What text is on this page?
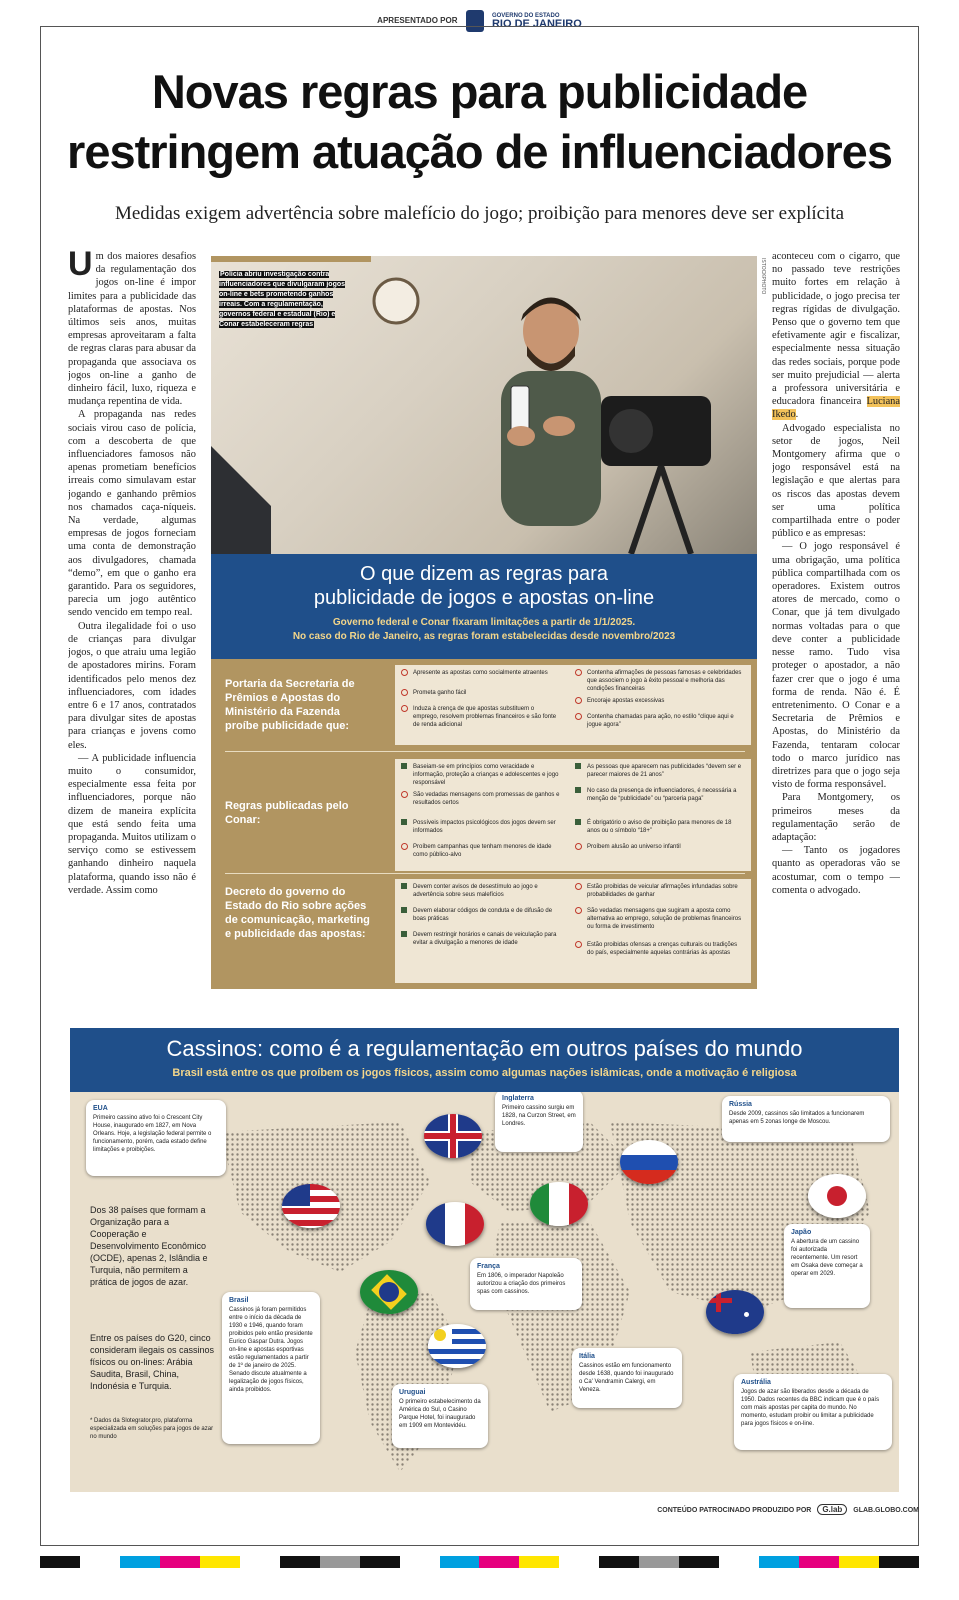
APRESENTADO POR
GOVERNO DO ESTADO
RIO DE JANEIRO
Novas regras para publicidade
restringem atuação de influenciadores
Medidas exigem advertência sobre malefício do jogo; proibição para menores deve ser explícita

Um dos maiores desafios da regulamentação dos jogos on-line é impor limites para a publicidade das plataformas de apostas. Nos últimos seis anos, muitas empresas aproveitaram a falta de regras claras para abusar da propaganda que associava os jogos on-line a ganho de dinheiro fácil, luxo, riqueza e mudança repentina de vida.

A propaganda nas redes sociais virou caso de polícia, com a descoberta de que influenciadores famosos não apenas prometiam benefícios irreais como simulavam estar jogando e ganhando prêmios nos chamados caça-níqueis. Na verdade, algumas empresas de jogos forneciam uma conta de demonstração aos divulgadores, chamada “demo”, em que o ganho era garantido. Para os seguidores, parecia um jogo autêntico sendo vencido em tempo real.

Outra ilegalidade foi o uso de crianças para divulgar jogos, o que atraiu uma legião de apostadores mirins. Foram identificados pelo menos dez influenciadores, com idades entre 6 e 17 anos, contratados para divulgar sites de apostas para crianças e jovens como eles.

— A publicidade influencia muito o consumidor, especialmente essa feita por influenciadores, porque não dizem de maneira explícita que está sendo feita uma propaganda. Muitos utilizam o serviço como se estivessem ganhando dinheiro naquela plataforma, quando isso não é verdade. Assim como

Polícia abriu investigação contra influenciadores que divulgaram jogos on-line e bets prometendo ganhos irreais. Com a regulamentação, governos federal e estadual (Rio) e Conar estabeleceram regras
ISTOCKPHOTO

aconteceu com o cigarro, que no passado teve restrições muito fortes em relação à publicidade, o jogo precisa ter regras rígidas de divulgação. Penso que o governo tem que efetivamente agir e fiscalizar, especialmente nessa situação das redes sociais, porque pode ser muito prejudicial — alerta a professora universitária e educadora financeira Luciana Ikedo.

Advogado especialista no setor de jogos, Neil Montgomery afirma que o jogo responsável está na legislação e que alertas para os riscos das apostas devem ser uma política compartilhada entre o poder público e as empresas:

— O jogo responsável é uma obrigação, uma política pública compartilhada com os operadores. Existem outros atores de mercado, como o Conar, que já tem divulgado normas voltadas para o que deve conter a publicidade nesse ramo. Tudo visa proteger o apostador, a não fazer crer que o jogo é uma forma de renda. Não é. É entretenimento. O Conar e a Secretaria de Prêmios e Apostas, do Ministério da Fazenda, tentaram colocar todo o marco jurídico nas diretrizes para que o jogo seja visto de forma responsável.

Para Montgomery, os primeiros meses da regulamentação serão de adaptação:

— Tanto os jogadores quanto as operadoras vão se acostumar, com o tempo — comenta o advogado.

O que dizem as regras para
publicidade de jogos e apostas on-line
Governo federal e Conar fixaram limitações a partir de 1/1/2025.
No caso do Rio de Janeiro, as regras foram estabelecidas desde novembro/2023
Portaria da Secretaria de Prêmios e Apostas do Ministério da Fazenda proíbe publicidade que:
Apresente as apostas como socialmente atraentes
Prometa ganho fácil
Induza à crença de que apostas substituem o emprego, resolvem problemas financeiros e são fonte de renda adicional
Contenha afirmações de pessoas famosas e celebridades que associem o jogo à êxito pessoal e melhoria das condições financeiras
Encoraje apostas excessivas
Contenha chamadas para ação, no estilo “clique aqui e jogue agora”
Regras publicadas pelo Conar:
Baseiam-se em princípios como veracidade e informação, proteção a crianças e adolescentes e jogo responsável
São vedadas mensagens com promessas de ganhos e resultados certos
Possíveis impactos psicológicos dos jogos devem ser informados
Proíbem campanhas que tenham menores de idade como público-alvo
As pessoas que aparecem nas publicidades “devem ser e parecer maiores de 21 anos”
No caso da presença de influenciadores, é necessária a menção de “publicidade” ou “parceria paga”
É obrigatório o aviso de proibição para menores de 18 anos ou o símbolo “18+”
Proíbem alusão ao universo infantil
Decreto do governo do Estado do Rio sobre ações de comunicação, marketing e publicidade das apostas:
Devem conter avisos de desestímulo ao jogo e advertência sobre seus malefícios
Devem elaborar códigos de conduta e de difusão de boas práticas
Devem restringir horários e canais de veiculação para evitar a divulgação a menores de idade
Estão proibidas de veicular afirmações infundadas sobre probabilidades de ganhar
São vedadas mensagens que sugiram a aposta como alternativa ao emprego, solução de problemas financeiros ou forma de investimento
Estão proibidas ofensas a crenças culturais ou tradições do país, especialmente aquelas contrárias às apostas
Cassinos: como é a regulamentação em outros países do mundo
Brasil está entre os que proíbem os jogos físicos, assim como algumas nações islâmicas, onde a motivação é religiosa
EUA
Primeiro cassino ativo foi o Crescent City House, inaugurado em 1827, em Nova Orleans. Hoje, a legislação federal permite o funcionamento, porém, cada estado define limitações e proibições.
Inglaterra
Primeiro cassino surgiu em 1828, na Curzon Street, em Londres.
Rússia
Desde 2009, cassinos são limitados a funcionarem apenas em 5 zonas longe de Moscou.
Japão
A abertura de um cassino foi autorizada recentemente. Um resort em Osaka deve começar a operar em 2029.
França
Em 1806, o imperador Napoleão autorizou a criação dos primeiros spas com cassinos.
Brasil
Cassinos já foram permitidos entre o início da década de 1930 e 1946, quando foram proibidos pelo então presidente Eurico Gaspar Dutra. Jogos on-line e apostas esportivas estão regulamentados a partir de 1º de janeiro de 2025. Senado discute atualmente a legalização de jogos físicos, ainda proibidos.	Uruguai
O primeiro estabelecimento da América do Sul, o Casino Parque Hotel, foi inaugurado em 1909 em Montevidéu.
Itália
Cassinos estão em funcionamento desde 1638, quando foi inaugurado o Ca' Vendramin Calergi, em Veneza.
Austrália
Jogos de azar são liberados desde a década de 1950. Dados recentes da BBC indicam que é o país com mais apostas per capita do mundo. No momento, estudam proibir ou limitar a publicidade para jogos físicos e on-line.
Dos 38 países que formam a Organização para a Cooperação e Desenvolvimento Econômico (OCDE), apenas 2, Islândia e Turquia, não permitem a prática de jogos de azar.
Entre os países do G20, cinco consideram ilegais os cassinos físicos ou on-lines: Arábia Saudita, Brasil, China, Indonésia e Turquia.
* Dados da Slotegrator.pro, plataforma especializada em soluções para jogos de azar no mundo
CONTEÚDO PATROCINADO PRODUZIDO POR G.lab GLAB.GLOBO.COM
